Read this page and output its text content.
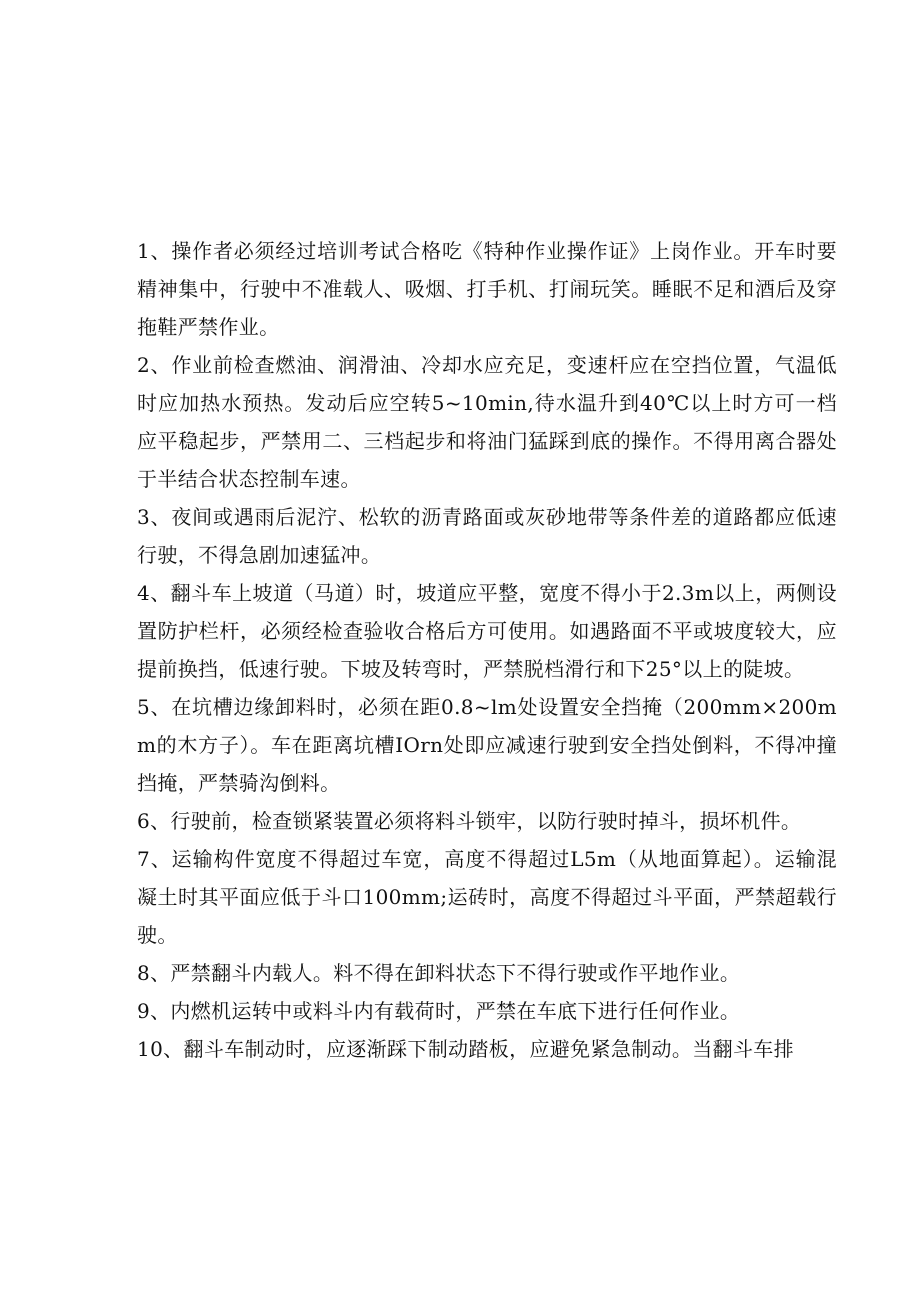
1、操作者必须经过培训考试合格吃《特种作业操作证》上岗作业。开车时要精神集中，行驶中不准载人、吸烟、打手机、打闹玩笑。睡眠不足和酒后及穿拖鞋严禁作业。

2、作业前检查燃油、润滑油、冷却水应充足，变速杆应在空挡位置，气温低时应加热水预热。发动后应空转5~10min,待水温升到40℃以上时方可一档应平稳起步，严禁用二、三档起步和将油门猛踩到底的操作。不得用离合器处于半结合状态控制车速。

3、夜间或遇雨后泥泞、松软的沥青路面或灰砂地带等条件差的道路都应低速行驶，不得急剧加速猛冲。

4、翻斗车上坡道（马道）时，坡道应平整，宽度不得小于2.3m以上，两侧设置防护栏杆，必须经检查验收合格后方可使用。如遇路面不平或坡度较大，应提前换挡，低速行驶。下坡及转弯时，严禁脱档滑行和下25°以上的陡坡。

5、在坑槽边缘卸料时，必须在距0.8~lm处设置安全挡掩（200mm×200mm的木方子）。车在距离坑槽IOrn处即应减速行驶到安全挡处倒料，不得冲撞挡掩，严禁骑沟倒料。

6、行驶前，检查锁紧装置必须将料斗锁牢，以防行驶时掉斗，损坏机件。

7、运输构件宽度不得超过车宽，高度不得超过L5m（从地面算起）。运输混凝土时其平面应低于斗口100mm;运砖时，高度不得超过斗平面，严禁超载行驶。

8、严禁翻斗内载人。料不得在卸料状态下不得行驶或作平地作业。

9、内燃机运转中或料斗内有载荷时，严禁在车底下进行任何作业。

10、翻斗车制动时，应逐渐踩下制动踏板，应避免紧急制动。当翻斗车排
